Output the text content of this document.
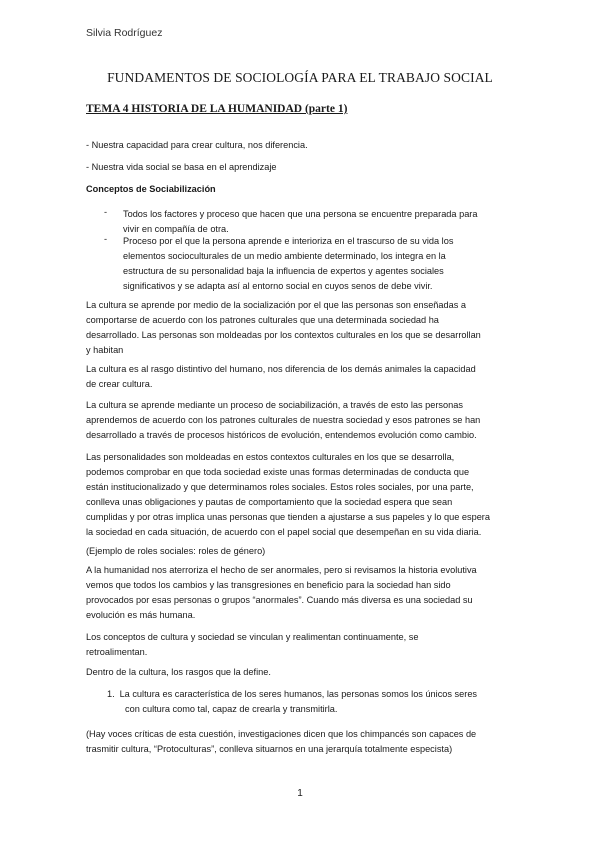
Silvia Rodríguez
FUNDAMENTOS DE SOCIOLOGÍA PARA EL TRABAJO SOCIAL
TEMA 4 HISTORIA DE LA HUMANIDAD (parte 1)
- Nuestra capacidad para crear cultura, nos diferencia.
- Nuestra vida social se basa en el aprendizaje
Conceptos de Sociabilización
- Todos los factores y proceso que hacen que una persona se encuentre preparada para
vivir en compañía de otra.
- Proceso por el que la persona aprende e interioriza en el trascurso de su vida los
elementos socioculturales de un medio ambiente determinado, los integra en la
estructura de su personalidad baja la influencia de expertos y agentes sociales
significativos y se adapta así al entorno social en cuyos senos de debe vivir.
La cultura se aprende por medio de la socialización por el que las personas son enseñadas a
comportarse de acuerdo con los patrones culturales que una determinada sociedad ha
desarrollado. Las personas son moldeadas por los contextos culturales en los que se desarrollan
y habitan
La cultura es al rasgo distintivo del humano, nos diferencia de los demás animales la capacidad
de crear cultura.
La cultura se aprende mediante un proceso de sociabilización, a través de esto las personas
aprendemos de acuerdo con los patrones culturales de nuestra sociedad y esos patrones se han
desarrollado a través de procesos históricos de evolución, entendemos evolución como cambio.
Las personalidades son moldeadas en estos contextos culturales en los que se desarrolla,
podemos comprobar en que toda sociedad existe unas formas determinadas de conducta que
están institucionalizado y que determinamos roles sociales. Estos roles sociales, por una parte,
conlleva unas obligaciones y pautas de comportamiento que la sociedad espera que sean
cumplidas y por otras implica unas personas que tienden a ajustarse a sus papeles y lo que espera
la sociedad en cada situación, de acuerdo con el papel social que desempeñan en su vida diaria.
(Ejemplo de roles sociales: roles de género)
A la humanidad nos aterroriza el hecho de ser anormales, pero si revisamos la historia evolutiva
vemos que todos los cambios y las transgresiones en beneficio para la sociedad han sido
provocados por esas personas o grupos “anormales”. Cuando más diversa es una sociedad su
evolución es más humana.
Los conceptos de cultura y sociedad se vinculan y realimentan continuamente, se
retroalimentan.
Dentro de la cultura, los rasgos que la define.
1. La cultura es característica de los seres humanos, las personas somos los únicos seres
con cultura como tal, capaz de crearla y transmitirla.
(Hay voces críticas de esta cuestión, investigaciones dicen que los chimpancés son capaces de
trasmitir cultura, “Protoculturas”, conlleva situarnos en una jerarquía totalmente especista)
1
